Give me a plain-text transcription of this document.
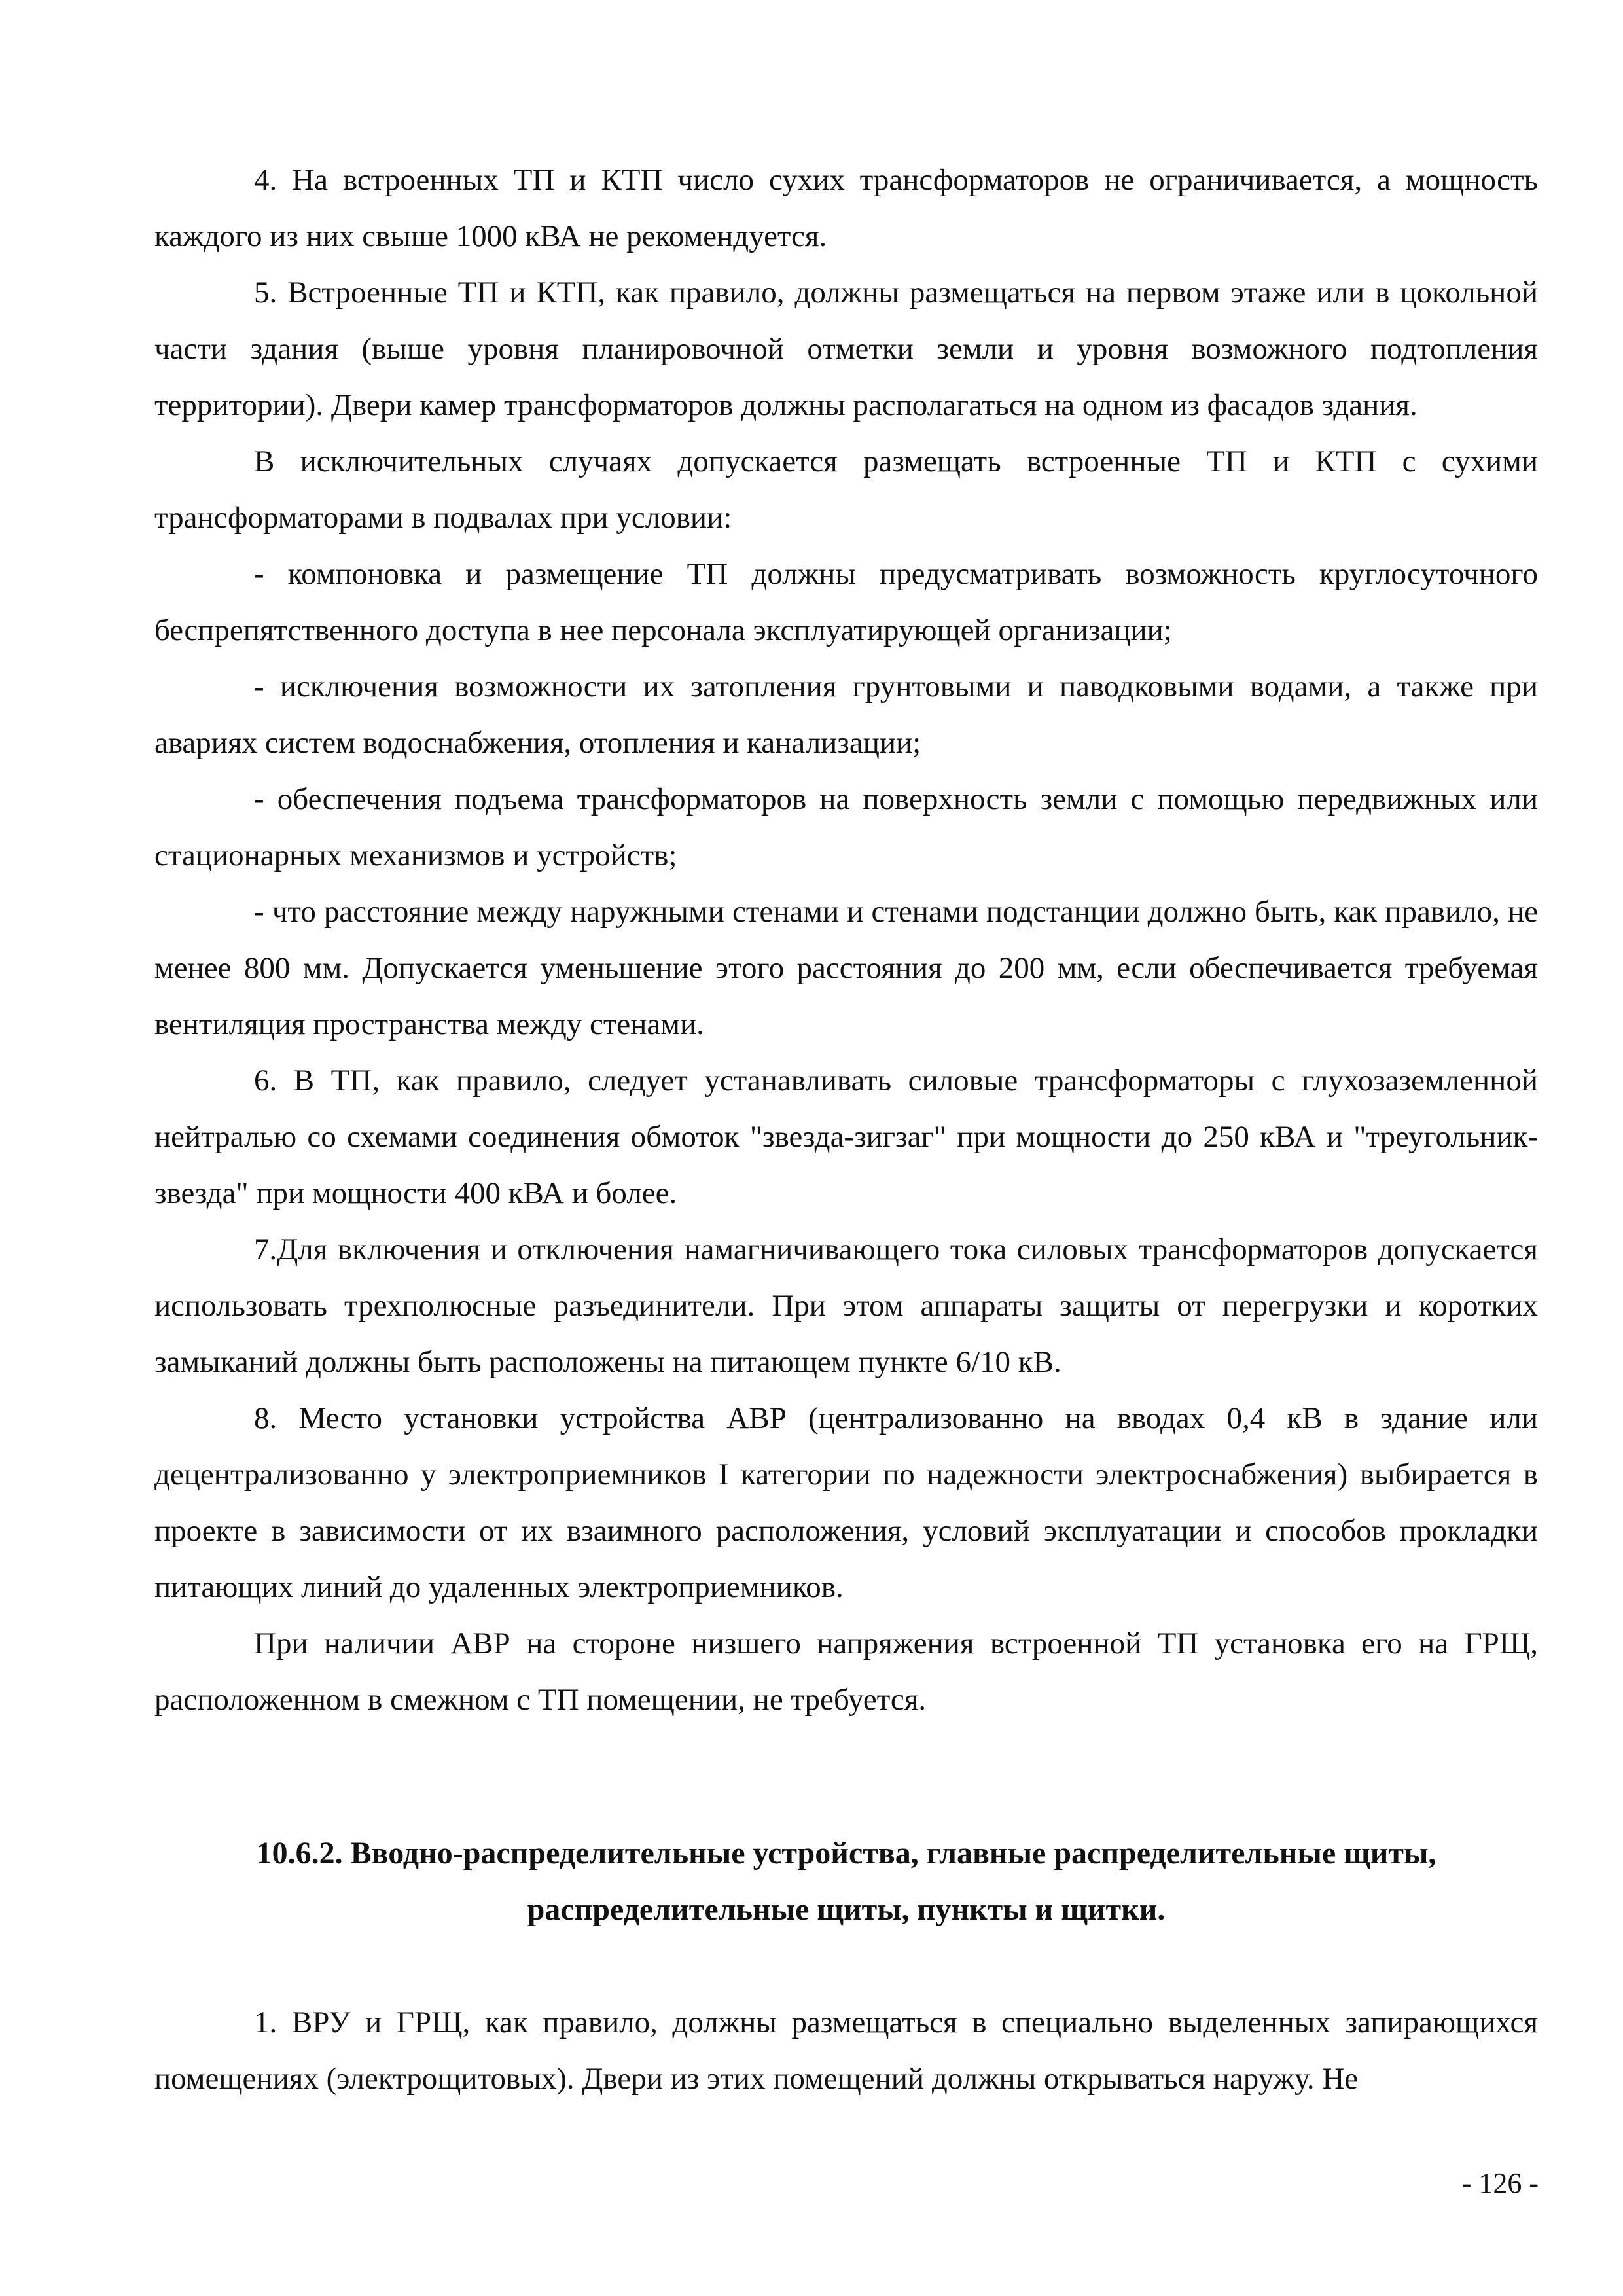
4. На встроенных ТП и КТП число сухих трансформаторов не ограничивается, а мощность каждого из них свыше 1000 кВА не рекомендуется.

5. Встроенные ТП и КТП, как правило, должны размещаться на первом этаже или в цокольной части здания (выше уровня планировочной отметки земли и уровня возможного подтопления территории). Двери камер трансформаторов должны располагаться на одном из фасадов здания.

В исключительных случаях допускается размещать встроенные ТП и КТП с сухими трансформаторами в подвалах при условии:

- компоновка и размещение ТП должны предусматривать возможность круглосуточного беспрепятственного доступа в нее персонала эксплуатирующей организации;

- исключения возможности их затопления грунтовыми и паводковыми водами, а также при авариях систем водоснабжения, отопления и канализации;

- обеспечения подъема трансформаторов на поверхность земли с помощью передвижных или стационарных механизмов и устройств;

- что расстояние между наружными стенами и стенами подстанции должно быть, как правило, не менее 800 мм. Допускается уменьшение этого расстояния до 200 мм, если обеспечивается требуемая вентиляция пространства между стенами.

6. В ТП, как правило, следует устанавливать силовые трансформаторы с глухозаземленной нейтралью со схемами соединения обмоток "звезда-зигзаг" при мощности до 250 кВА и "треугольник-звезда" при мощности 400 кВА и более.

7.Для включения и отключения намагничивающего тока силовых трансформаторов допускается использовать трехполюсные разъединители. При этом аппараты защиты от перегрузки и коротких замыканий должны быть расположены на питающем пункте 6/10 кВ.

8. Место установки устройства АВР (централизованно на вводах 0,4 кВ в здание или децентрализованно у электроприемников I категории по надежности электроснабжения) выбирается в проекте в зависимости от их взаимного расположения, условий эксплуатации и способов прокладки питающих линий до удаленных электроприемников.

При наличии АВР на стороне низшего напряжения встроенной ТП установка его на ГРЩ, расположенном в смежном с ТП помещении, не требуется.

10.6.2. Вводно-распределительные устройства, главные распределительные щиты,

распределительные щиты, пункты и щитки.

1. ВРУ и ГРЩ, как правило, должны размещаться в специально выделенных запирающихся помещениях (электрощитовых). Двери из этих помещений должны открываться наружу. Не

- 126 -
